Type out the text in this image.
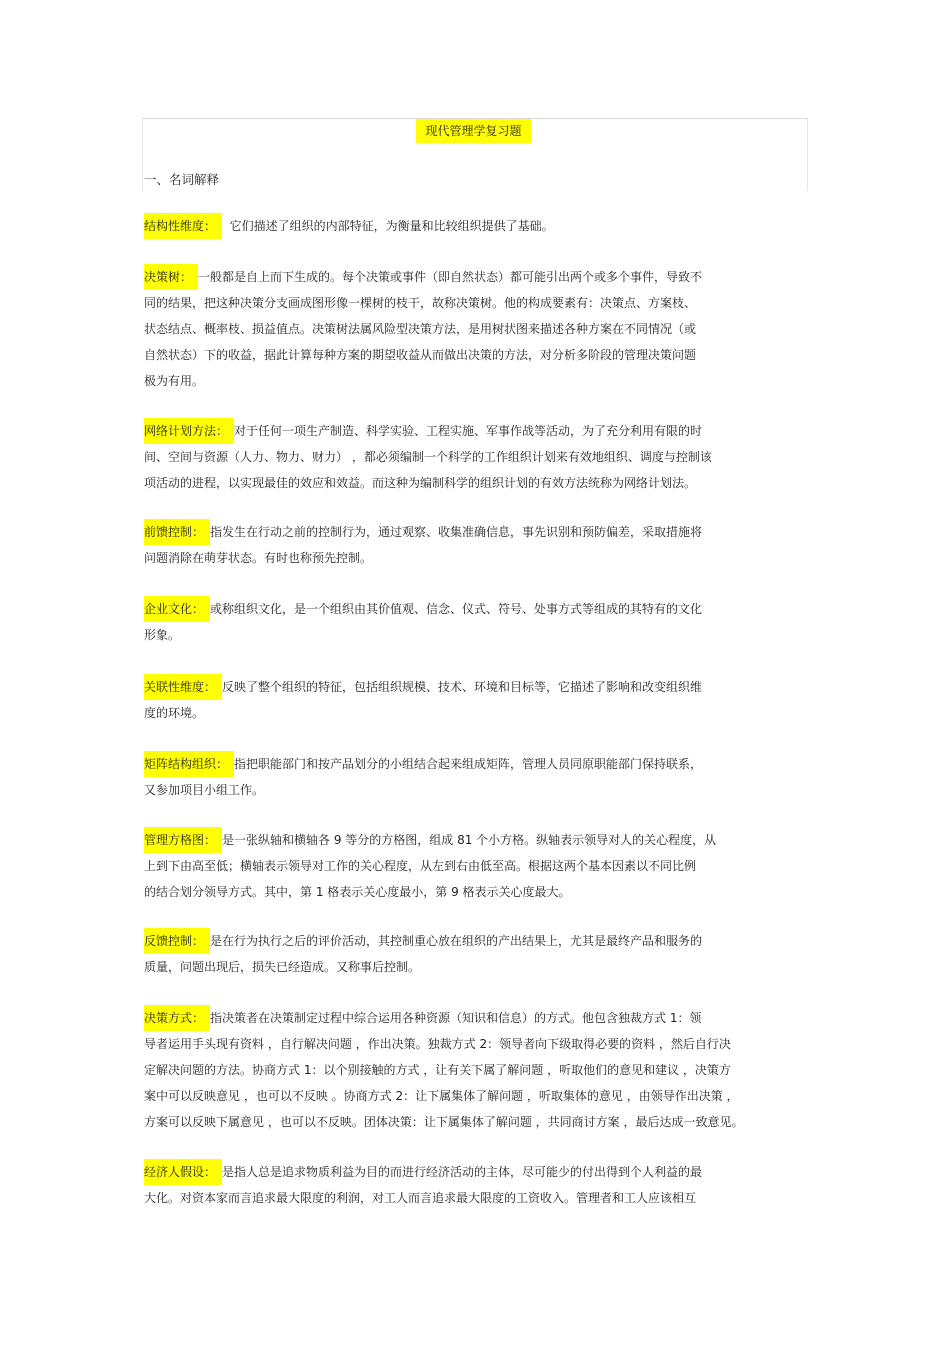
现代管理学复习题
一、名词解释
结构性维度：  它们描述了组织的内部特征，为衡量和比较组织提供了基础。
决策树： 一般都是自上而下生成的。每个决策或事件（即自然状态）都可能引出两个或多个事件，导致不
同的结果，把这种决策分支画成图形像一棵树的枝干，故称决策树。他的构成要素有：决策点、方案枝、
状态结点、概率枝、损益值点。决策树法属风险型决策方法，是用树状图来描述各种方案在不同情况（或
自然状态）下的收益，据此计算每种方案的期望收益从而做出决策的方法，对分析多阶段的管理决策问题
极为有用。
网络计划方法： 对于任何一项生产制造、科学实验、工程实施、军事作战等活动，为了充分利用有限的时
间、空间与资源（人力、物力、财力） ，都必须编制一个科学的工作组织计划来有效地组织、调度与控制该
项活动的进程，以实现最佳的效应和效益。而这种为编制科学的组织计划的有效方法统称为网络计划法。
前馈控制： 指发生在行动之前的控制行为，通过观察、收集准确信息，事先识别和预防偏差，采取措施将
问题消除在萌芽状态。有时也称预先控制。
企业文化： 或称组织文化，是一个组织由其价值观、信念、仪式、符号、处事方式等组成的其特有的文化
形象。
关联性维度： 反映了整个组织的特征，包括组织规模、技术、环境和目标等，它描述了影响和改变组织维
度的环境。
矩阵结构组织： 指把职能部门和按产品划分的小组结合起来组成矩阵，管理人员同原职能部门保持联系，
又参加项目小组工作。
管理方格图： 是一张纵轴和横轴各 9 等分的方格图，组成 81 个小方格。纵轴表示领导对人的关心程度，从
上到下由高至低；横轴表示领导对工作的关心程度，从左到右由低至高。根据这两个基本因素以不同比例
的结合划分领导方式。其中，第 1 格表示关心度最小，第 9 格表示关心度最大。
反馈控制： 是在行为执行之后的评价活动，其控制重心放在组织的产出结果上，尤其是最终产品和服务的
质量，问题出现后，损失已经造成。又称事后控制。
决策方式： 指决策者在决策制定过程中综合运用各种资源（知识和信息）的方式。他包含独裁方式 1：领
导者运用手头现有资料 ，自行解决问题 ，作出决策。独裁方式 2：领导者向下级取得必要的资料 ，然后自行决
定解决问题的方法。协商方式 1：以个别接触的方式 ，让有关下属了解问题 ，听取他们的意见和建议 ，决策方
案中可以反映意见 ，也可以不反映 。协商方式 2：让下属集体了解问题 ，听取集体的意见 ，由领导作出决策 ，
方案可以反映下属意见 ，也可以不反映。团体决策：让下属集体了解问题 ，共同商讨方案 ，最后达成一致意见。
经济人假设： 是指人总是追求物质利益为目的而进行经济活动的主体，尽可能少的付出得到个人利益的最
大化。对资本家而言追求最大限度的利润，对工人而言追求最大限度的工资收入。管理者和工人应该相互
